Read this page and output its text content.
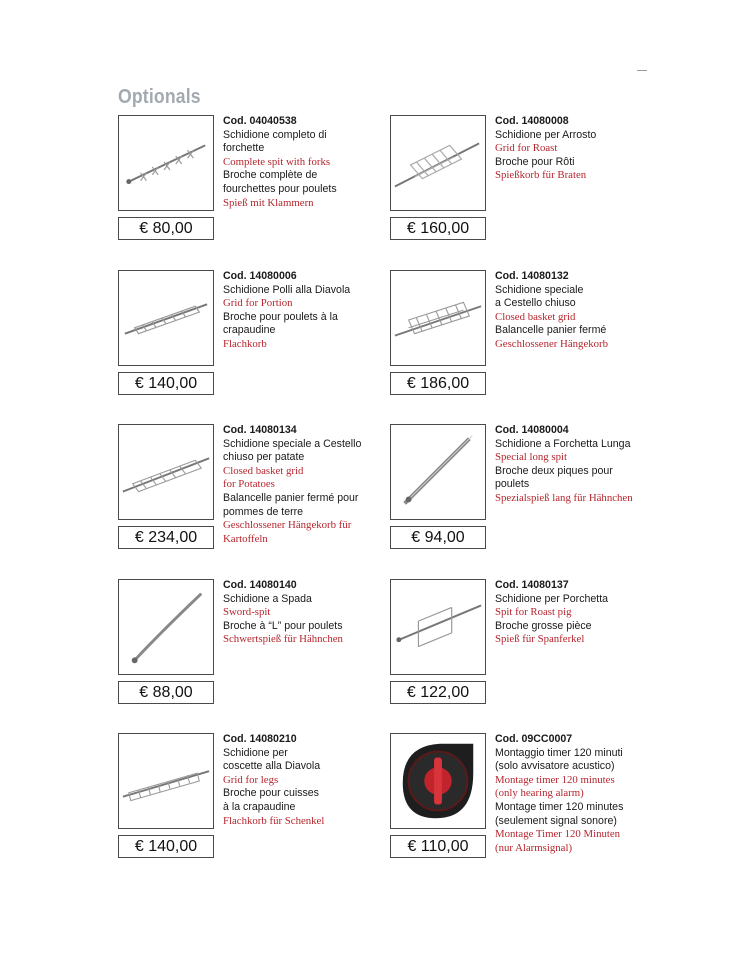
Optionals
€ 80,00
Cod. 04040538
Schidione completo di
forchette
Complete spit with forks
Broche complète de
fourchettes pour poulets
Spieß mit Klammern
€ 160,00
Cod. 14080008
Schidione per Arrosto
Grid for Roast
Broche pour Rôti
Spießkorb für Braten
€ 140,00
Cod. 14080006
Schidione Polli alla Diavola
Grid for Portion
Broche pour poulets à la
crapaudine
Flachkorb
€ 186,00
Cod. 14080132
Schidione speciale
a Cestello chiuso
Closed basket grid
Balancelle panier fermé
Geschlossener Hängekorb
€ 234,00
Cod. 14080134
Schidione speciale a Cestello
chiuso per patate
Closed basket grid
for Potatoes
Balancelle panier fermé pour
pommes de terre
Geschlossener Hängekorb für
Kartoffeln	€ 94,00
Cod. 14080004
Schidione a Forchetta Lunga
Special long spit
Broche deux piques pour
poulets
Spezialspieß lang für Hähnchen
€ 88,00
Cod. 14080140
Schidione a Spada
Sword-spit
Broche à “L” pour poulets
Schwertspieß für Hähnchen
€ 122,00
Cod. 14080137
Schidione per Porchetta
Spit for Roast pig
Broche grosse pièce
Spieß für Spanferkel
€ 140,00
Cod. 14080210
Schidione per
coscette alla Diavola
Grid for legs
Broche pour cuisses
à la crapaudine
Flachkorb für Schenkel
€ 110,00
Cod. 09CC0007
Montaggio timer 120 minuti
(solo avvisatore acustico)
Montage timer 120 minutes
(only hearing alarm)
Montage timer 120 minutes
(seulement signal sonore)
Montage Timer 120 Minuten
(nur Alarmsignal)
